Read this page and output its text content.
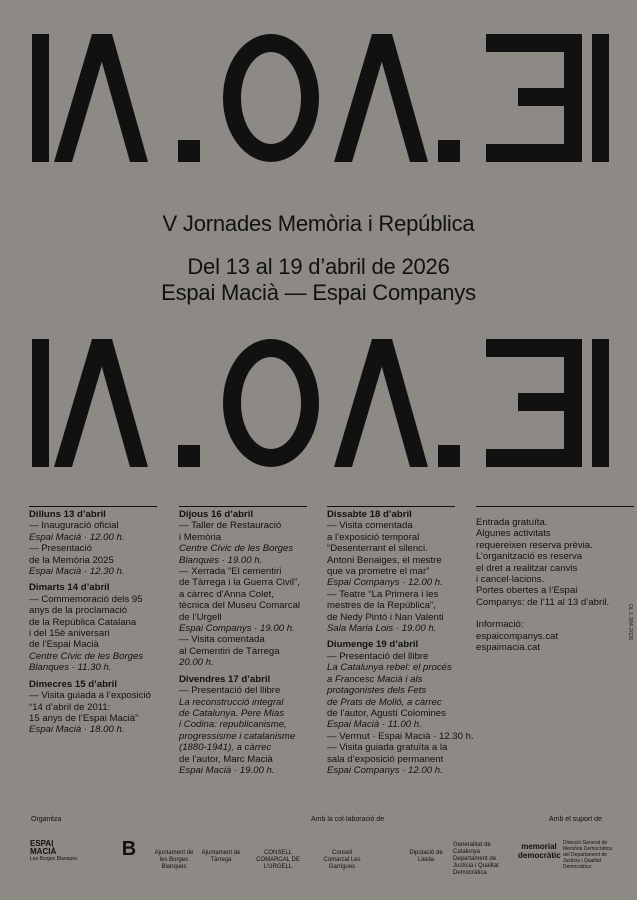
V Jornades Memòria i República
Del 13 al 19 d’abril de 2026
Espai Macià — Espai Companys
Dilluns 13 d’abril
— Inauguració oficial
Espai Macià · 12.00 h.
— Presentació
de la Memòria 2025
Espai Macià · 12.30 h.
Dimarts 14 d’abril
— Commemoració dels 95
anys de la proclamació
de la República Catalana
i del 15è aniversari
de l’Espai Macià
Centre Cívic de les Borges
Blanques · 11.30 h.
Dimecres 15 d’abril
— Visita guiada a l’exposició
“14 d’abril de 2011:
15 anys de l’Espai Macià”
Espai Macià · 18.00 h.
Dijous 16 d’abril
— Taller de Restauració
i Memòria
Centre Cívic de les Borges
Blanques · 19.00 h.
— Xerrada “El cementiri
de Tàrrega i la Guerra Civil”,
a càrrec d’Anna Colet,
tècnica del Museu Comarcal
de l’Urgell
Espai Companys · 19.00 h.
— Visita comentada
al Cementiri de Tàrrega
20.00 h.
Divendres 17 d’abril
— Presentació del llibre
La reconstrucció integral
de Catalunya. Pere Mias
i Codina: republicanisme,
progressisme i catalanisme
(1880-1941), a càrrec
de l’autor, Marc Macià
Espai Macià · 19.00 h.
Dissabte 18 d’abril
— Visita comentada
a l’exposició temporal
“Desenterrant el silenci.
Antoni Benaiges, el mestre
que va prometre el mar”
Espai Companys · 12.00 h.
— Teatre “La Primera i les
mestres de la República”,
de Nedy Pintó i Nan Valenti
Sala Maria Lois · 19.00 h.
Diumenge 19 d’abril
— Presentació del llibre
La Catalunya rebel: el procés
a Francesc Macià i als
protagonistes dels Fets
de Prats de Molló, a càrrec
de l’autor, Agustí Colomines
Espai Macià · 11.00 h.
— Vermut · Espai Macià · 12.30 h.
— Visita guiada gratuïta a la
sala d’exposició permanent
Espai Companys · 12.00 h.
Entrada gratuïta.
Algunes activitats
requereixen reserva prèvia.
L’organització es reserva
el dret a realitzar canvis
i cancel·lacions.
Portes obertes a l’Espai
Companys: de l’11 al 13 d’abril.
Informació:
espaicompanys.cat
espaimacia.cat
Organitza	Amb la col·laboració de	Amb el suport de
ESPAI MACIÀ
Les Borges Blanques B	Ajuntament de les Borges Blanques
Ajuntament de Tàrrega
CONSELL COMARCAL DE L’URGELL
Consell Comarcal Les Garrigues
Diputació de Lleida
Generalitat de Catalunya Departament de Justícia i Qualitat Democràtica
memorial democràtic
Direcció General de Memòria Democràtica del Departament de Justícia i Qualitat Democràtica
DL L 394-2026
